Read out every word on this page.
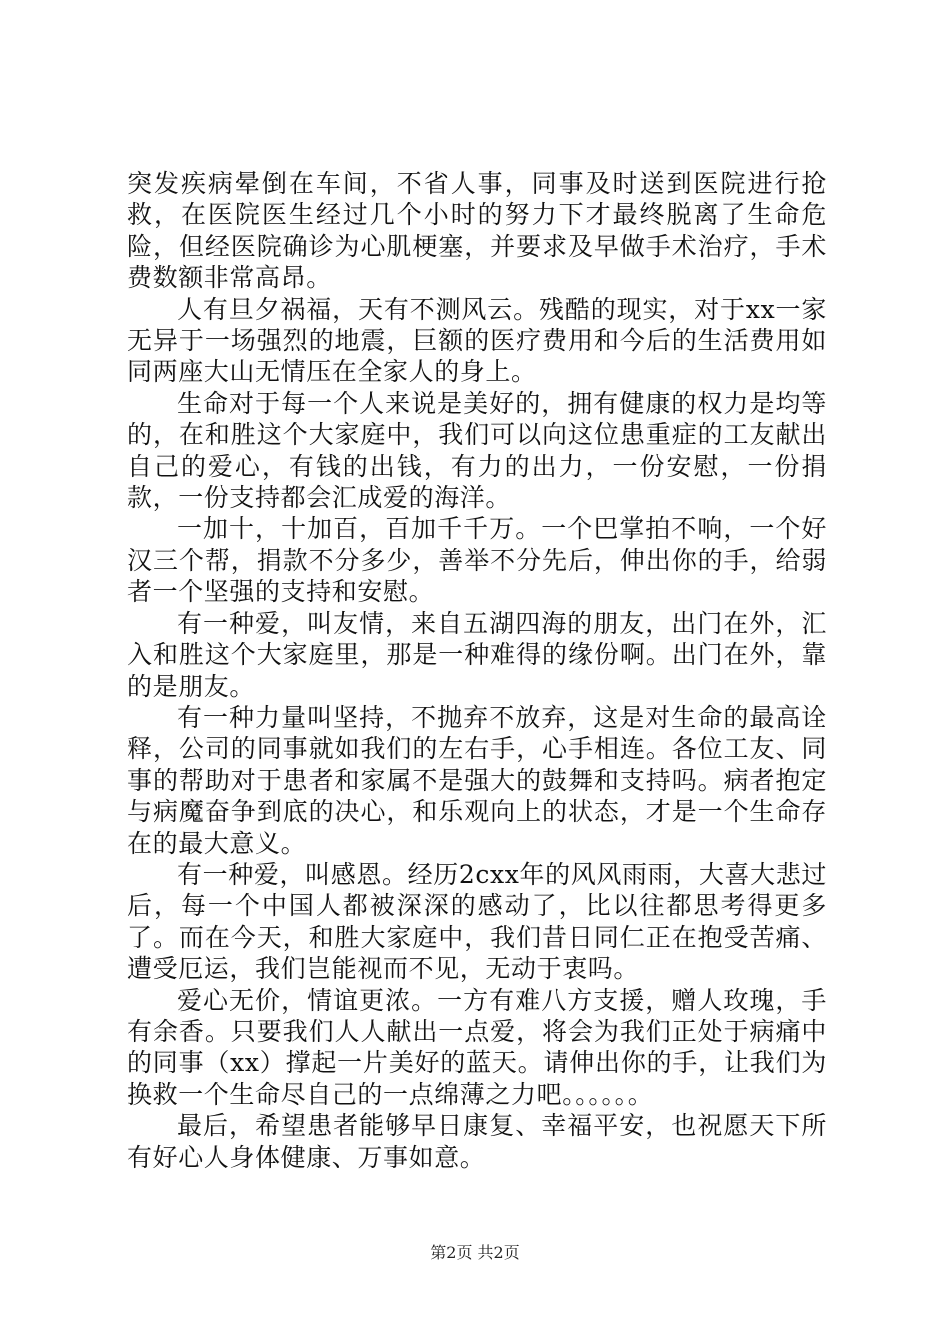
突发疾病晕倒在车间，不省人事，同事及时送到医院进行抢救，在医院医生经过几个小时的努力下才最终脱离了生命危险，但经医院确诊为心肌梗塞，并要求及早做手术治疗，手术费数额非常高昂。

人有旦夕祸福，天有不测风云。残酷的现实，对于xx一家无异于一场强烈的地震，巨额的医疗费用和今后的生活费用如同两座大山无情压在全家人的身上。

生命对于每一个人来说是美好的，拥有健康的权力是均等的，在和胜这个大家庭中，我们可以向这位患重症的工友献出自己的爱心，有钱的出钱，有力的出力，一份安慰，一份捐款，一份支持都会汇成爱的海洋。

一加十，十加百，百加千千万。一个巴掌拍不响，一个好汉三个帮，捐款不分多少，善举不分先后，伸出你的手，给弱者一个坚强的支持和安慰。

有一种爱，叫友情，来自五湖四海的朋友，出门在外，汇入和胜这个大家庭里，那是一种难得的缘份啊。出门在外，靠的是朋友。

有一种力量叫坚持，不抛弃不放弃，这是对生命的最高诠释，公司的同事就如我们的左右手，心手相连。各位工友、同事的帮助对于患者和家属不是强大的鼓舞和支持吗。病者抱定与病魔奋争到底的决心，和乐观向上的状态，才是一个生命存在的最大意义。

有一种爱，叫感恩。经历2cxx年的风风雨雨，大喜大悲过后，每一个中国人都被深深的感动了，比以往都思考得更多了。而在今天，和胜大家庭中，我们昔日同仁正在抱受苦痛、遭受厄运，我们岂能视而不见，无动于衷吗。

爱心无价，情谊更浓。一方有难八方支援，赠人玫瑰，手有余香。只要我们人人献出一点爱，将会为我们正处于病痛中的同事（xx）撑起一片美好的蓝天。请伸出你的手，让我们为换救一个生命尽自己的一点绵薄之力吧。。。。。。

最后，希望患者能够早日康复、幸福平安，也祝愿天下所有好心人身体健康、万事如意。

第2页 共2页
